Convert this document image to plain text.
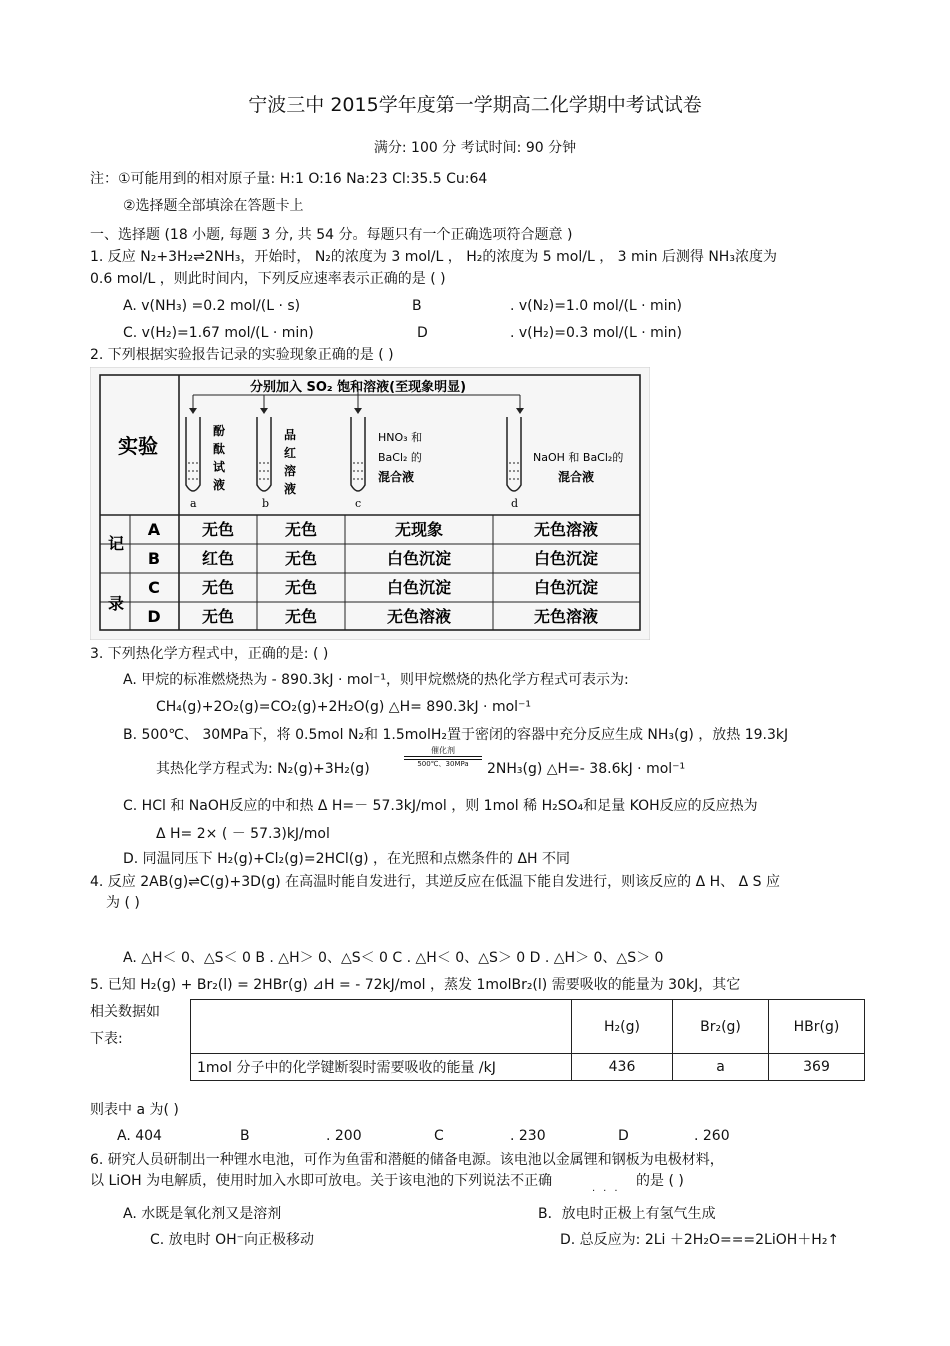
宁波三中 2015学年度第一学期高二化学期中考试试卷
满分: 100 分 考试时间: 90 分钟
注：①可能用到的相对原子量: H:1 O:16 Na:23 Cl:35.5 Cu:64
②选择题全部填涂在答题卡上
一、选择题 (18 小题, 每题 3 分, 共 54 分。每题只有一个正确选项符合题意 )
1. 反应 N₂+3H₂⇌2NH₃，开始时， N₂的浓度为 3 mol/L ， H₂的浓度为 5 mol/L ， 3 min 后测得 NH₃浓度为
0.6 mol/L ，则此时间内，下列反应速率表示正确的是 ( )
A. v(NH₃) =0.2 mol/(L · s)	B	. v(N₂)=1.0 mol/(L · min)
C. v(H₂)=1.67 mol/(L · min)	D	. v(H₂)=0.3 mol/(L · min)
2. 下列根据实验报告记录的实验现象正确的是 ( )
分别加入 SO₂ 饱和溶液(至现象明显)
实验
酚
酞
试
液
品
红
溶
液
HNO₃ 和
BaCl₂ 的
混合液
NaOH 和 BaCl₂的
混合液
a	b	c	d
记
录
A	无色	无色	无现象	无色溶液
B	红色	无色	白色沉淀	白色沉淀
C	无色	无色	白色沉淀	白色沉淀
D	无色	无色	无色溶液	无色溶液
3. 下列热化学方程式中，正确的是: ( )
A. 甲烷的标准燃烧热为 - 890.3kJ · mol⁻¹，则甲烷燃烧的热化学方程式可表示为:
CH₄(g)+2O₂(g)=CO₂(g)+2H₂O(g) △H= 890.3kJ · mol⁻¹
B. 500℃、 30MPa下，将 0.5mol N₂和 1.5molH₂置于密闭的容器中充分反应生成 NH₃(g) ，放热 19.3kJ
其热化学方程式为: N₂(g)+3H₂(g)
催化剂
500℃、30MPa	2NH₃(g) △H=- 38.6kJ · mol⁻¹
C. HCl 和 NaOH反应的中和热 Δ H=－ 57.3kJ/mol ，则 1mol 稀 H₂SO₄和足量 KOH反应的反应热为
Δ H= 2× ( － 57.3)kJ/mol
D. 同温同压下 H₂(g)+Cl₂(g)=2HCl(g) ，在光照和点燃条件的 ΔH 不同
4. 反应 2AB(g)⇌C(g)+3D(g) 在高温时能自发进行，其逆反应在低温下能自发进行，则该反应的 Δ H、 Δ S 应
为 ( )
A. △H＜ 0、△S＜ 0 B . △H＞ 0、△S＜ 0 C . △H＜ 0、△S＞ 0 D . △H＞ 0、△S＞ 0
5. 已知 H₂(g) + Br₂(l) = 2HBr(g) ⊿H = - 72kJ/mol ，蒸发 1molBr₂(l) 需要吸收的能量为 30kJ，其它
相关数据如
下表:
	H₂(g)	Br₂(g)	HBr(g)
1mol 分子中的化学键断裂时需要吸收的能量 /kJ	436	a	369
则表中 a 为( )
A. 404	B	. 200	C	. 230	D	. 260
6. 研究人员研制出一种锂水电池，可作为鱼雷和潜艇的储备电源。该电池以金属锂和钢板为电极材料，
以 LiOH 为电解质，使用时加入水即可放电。关于该电池的下列说法不正确
···
的是 ( )
A. 水既是氧化剂又是溶剂	B．放电时正极上有氢气生成
C. 放电时 OH⁻向正极移动	D. 总反应为: 2Li ＋2H₂O===2LiOH＋H₂↑
